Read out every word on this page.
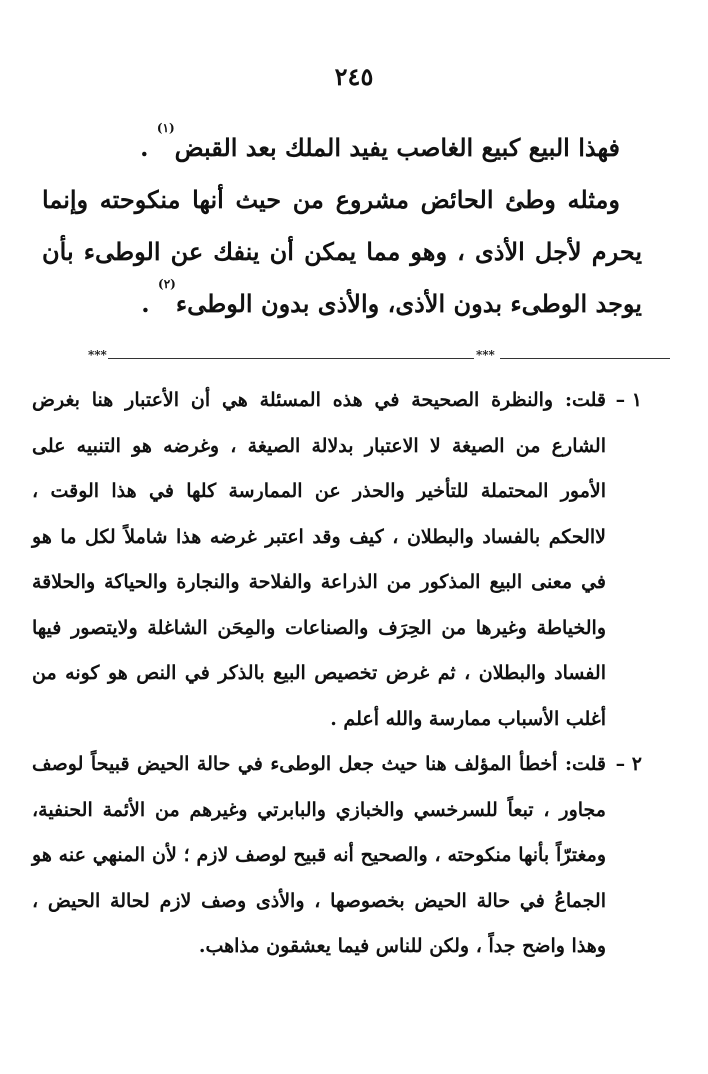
٢٤٥

فهذا البيع كبيع الغاصب يفيد الملك بعد القبض$^{(١)}$ .

ومثله وطئ الحائض مشروع من حيث أنها منكوحته وإنما يحرم لأجل الأذى ، وهو مما يمكن أن ينفك عن الوطىء بأن يوجد الوطىء بدون الأذى، والأذى بدون الوطىء$^{(٢)}$ .

***	***
١ –
قلت: والنظرة الصحيحة في هذه المسئلة هي أن الأعتبار هنا بغرض الشارع من الصيغة لا الاعتبار بدلالة الصيغة ، وغرضه هو التنبيه على الأمور المحتملة للتأخير والحذر عن الممارسة كلها في هذا الوقت ، لاالحكم بالفساد والبطلان ، كيف وقد اعتبر غرضه هذا شاملاً لكل ما هو في معنى البيع المذكور من الذراعة والفلاحة والنجارة والحياكة والحلاقة والخياطة وغيرها من الحِرَف والصناعات والمِحَن الشاغلة ولايتصور فيها الفساد والبطلان ، ثم غرض تخصيص البيع بالذكر في النص هو كونه من أغلب الأسباب ممارسة والله أعلم .
٢ –
قلت: أخطأ المؤلف هنا حيث جعل الوطىء في حالة الحيض قبيحاً لوصف مجاور ، تبعاً للسرخسي والخبازي والبابرتي وغيرهم من الأئمة الحنفية، ومغترّاً بأنها منكوحته ، والصحيح أنه قبيح لوصف لازم ؛ لأن المنهي عنه هو الجماعُ في حالة الحيض بخصوصها ، والأذى وصف لازم لحالة الحيض ، وهذا واضح جداً ، ولكن للناس فيما يعشقون مذاهب.
